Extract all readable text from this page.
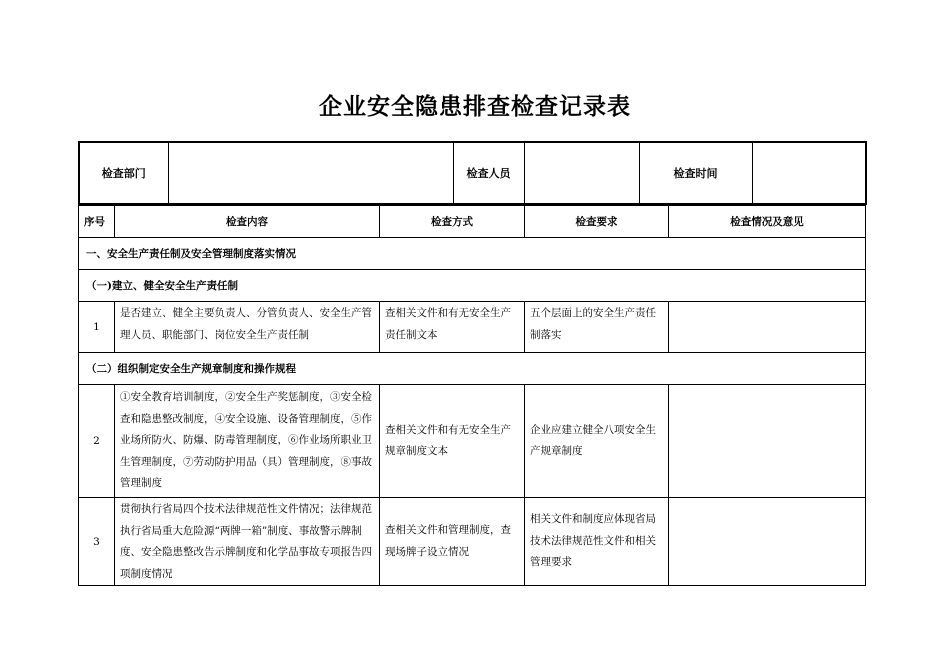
企业安全隐患排查检查记录表
检查部门		检查人员		检查时间	
序号	检查内容	检查方式	检查要求	检查情况及意见
一、安全生产责任制及安全管理制度落实情况				
（一)建立、健全安全生产责任制				
1	是否建立、健全主要负责人、分管负责人、安全生产管理人员、职能部门、岗位安全生产责任制	查相关文件和有无安全生产责任制文本	五个层面上的安全生产责任制落实	
（二）组织制定安全生产规章制度和操作规程				
2	①安全教育培训制度，②安全生产奖惩制度，③安全检查和隐患整改制度，④安全设施、设备管理制度，⑤作业场所防火、防爆、防毒管理制度，⑥作业场所职业卫生管理制度，⑦劳动防护用品（具）管理制度，⑧事故管理制度	查相关文件和有无安全生产规章制度文本	企业应建立健全八项安全生产规章制度	
3	贯彻执行省局四个技术法律规范性文件情况；法律规范执行省局重大危险源“两牌一箱”制度、事故警示牌制度、安全隐患整改告示牌制度和化学品事故专项报告四项制度情况	查相关文件和管理制度，查现场牌子设立情况	相关文件和制度应体现省局技术法律规范性文件和相关管理要求	
